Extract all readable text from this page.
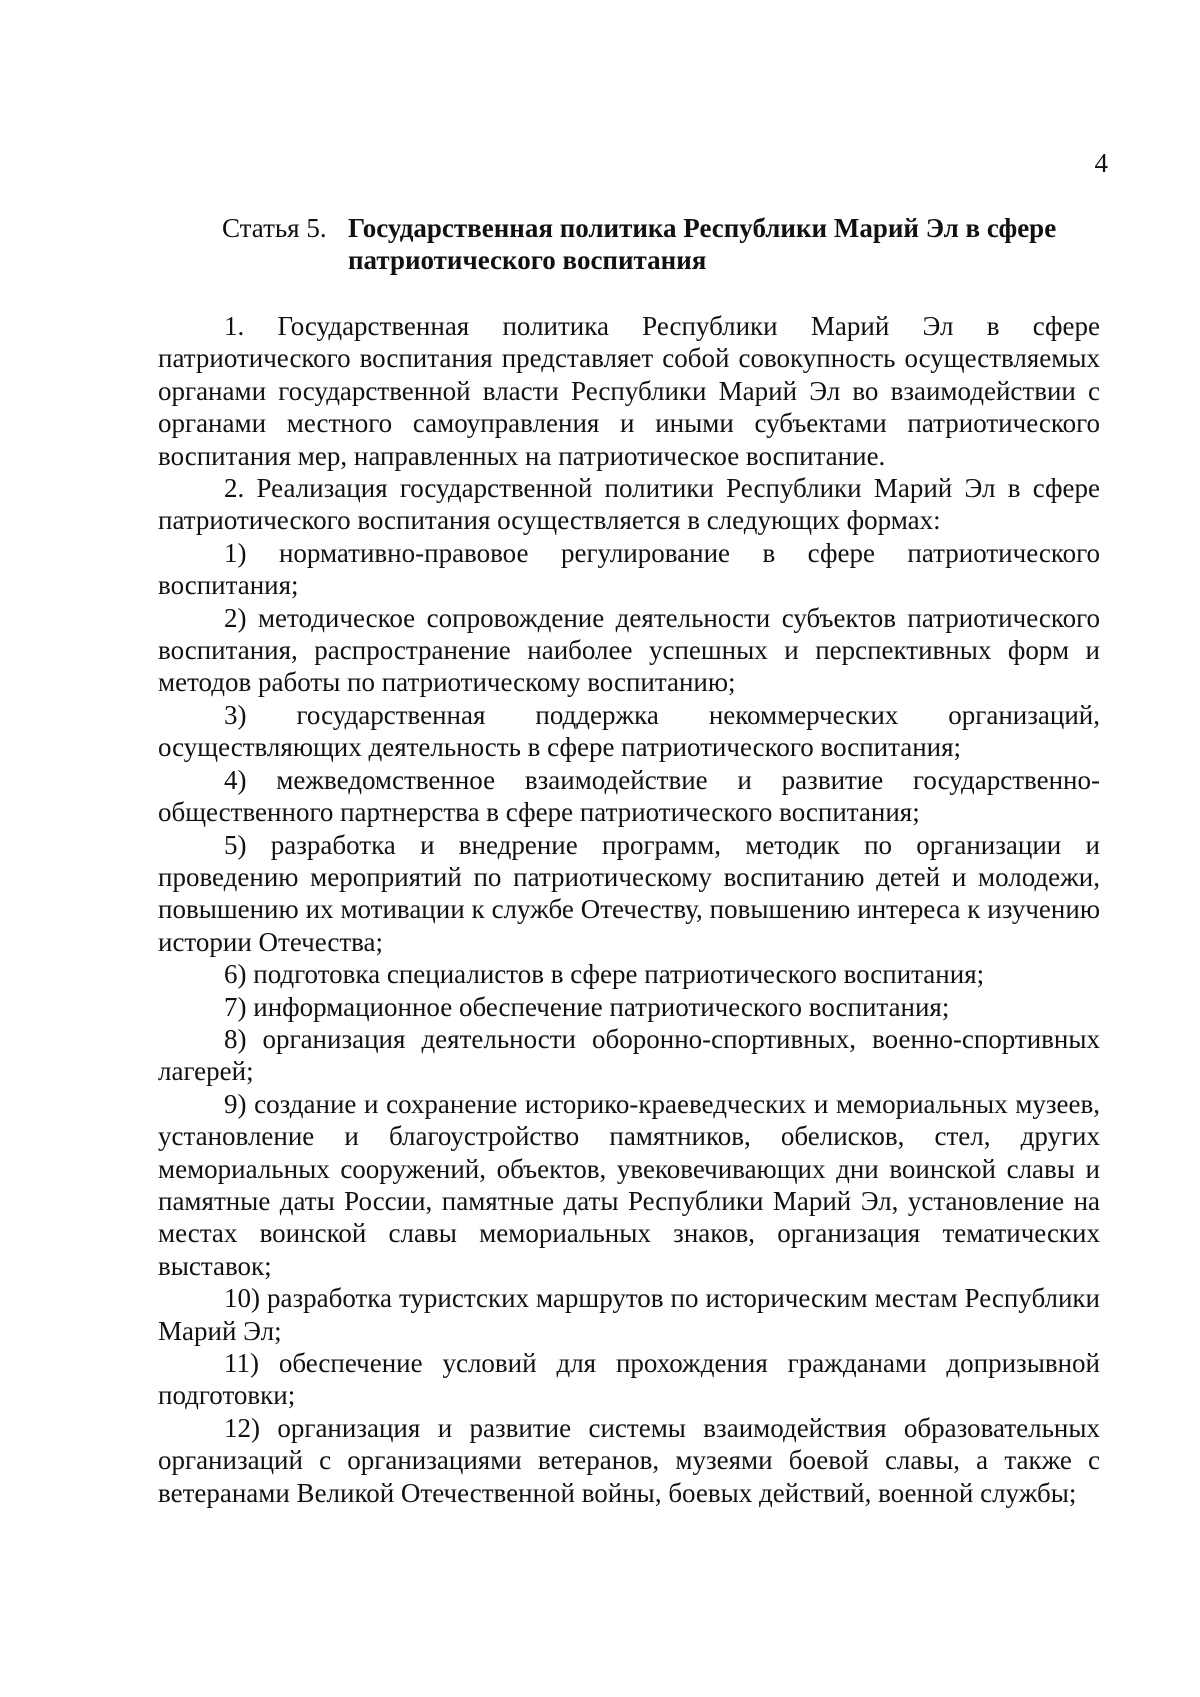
4
Статья 5. Государственная политика Республики Марий Эл в сфере патриотического воспитания

1. Государственная политика Республики Марий Эл в сфере патриотического воспитания представляет собой совокупность осуществляемых органами государственной власти Республики Марий Эл во взаимодействии с органами местного самоуправления и иными субъектами патриотического воспитания мер, направленных на патриотическое воспитание.

2. Реализация государственной политики Республики Марий Эл в сфере патриотического воспитания осуществляется в следующих формах:

1) нормативно-правовое регулирование в сфере патриотического воспитания;

2) методическое сопровождение деятельности субъектов патриотического воспитания, распространение наиболее успешных и перспективных форм и методов работы по патриотическому воспитанию;

3) государственная поддержка некоммерческих организаций, осуществляющих деятельность в сфере патриотического воспитания;

4) межведомственное взаимодействие и развитие государственно-общественного партнерства в сфере патриотического воспитания;

5) разработка и внедрение программ, методик по организации и проведению мероприятий по патриотическому воспитанию детей и молодежи, повышению их мотивации к службе Отечеству, повышению интереса к изучению истории Отечества;

6) подготовка специалистов в сфере патриотического воспитания;

7) информационное обеспечение патриотического воспитания;

8) организация деятельности оборонно-спортивных, военно-спортивных лагерей;

9) создание и сохранение историко-краеведческих и мемориальных музеев, установление и благоустройство памятников, обелисков, стел, других мемориальных сооружений, объектов, увековечивающих дни воинской славы и памятные даты России, памятные даты Республики Марий Эл, установление на местах воинской славы мемориальных знаков, организация тематических выставок;

10) разработка туристских маршрутов по историческим местам Республики Марий Эл;

11) обеспечение условий для прохождения гражданами допризывной подготовки;

12) организация и развитие системы взаимодействия образовательных организаций с организациями ветеранов, музеями боевой славы, а также с ветеранами Великой Отечественной войны, боевых действий, военной службы;
